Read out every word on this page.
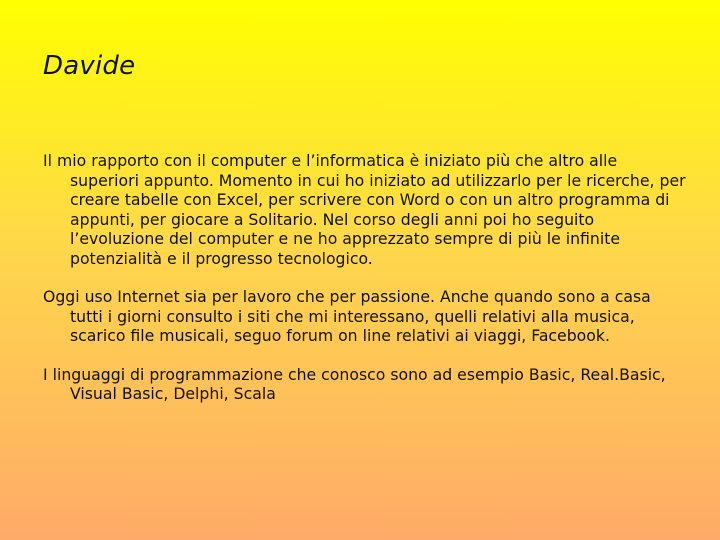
Davide

Il mio rapporto con il computer e l’informatica è iniziato più che altro alle superiori appunto. Momento in cui ho iniziato ad utilizzarlo per le ricerche, per creare tabelle con Excel, per scrivere con Word o con un altro programma di appunti, per giocare a Solitario. Nel corso degli anni poi ho seguito l’evoluzione del computer e ne ho apprezzato sempre di più le infinite potenzialità e il progresso tecnologico.

Oggi uso Internet sia per lavoro che per passione. Anche quando sono a casa tutti i giorni consulto i siti che mi interessano, quelli relativi alla musica, scarico file musicali, seguo forum on line relativi ai viaggi, Facebook.

I linguaggi di programmazione che conosco sono ad esempio Basic, Real.Basic, Visual Basic, Delphi, Scala
